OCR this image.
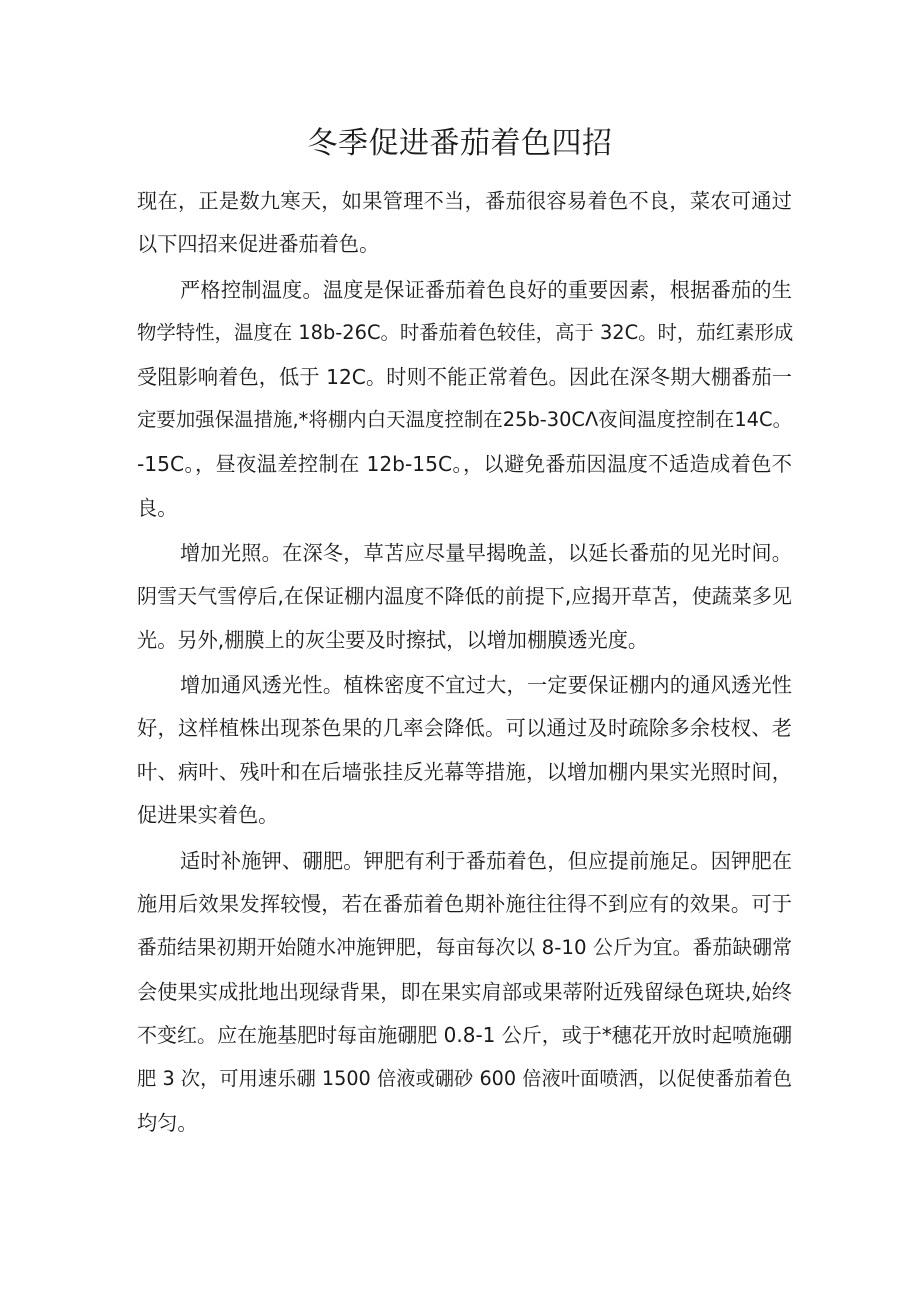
冬季促进番茄着色四招

现在，正是数九寒天，如果管理不当，番茄很容易着色不良，菜农可通过

以下四招来促进番茄着色。

严格控制温度。温度是保证番茄着色良好的重要因素，根据番茄的生

物学特性，温度在 18b-26C。时番茄着色较佳，高于 32C。时，茄红素形成

受阻影响着色，低于 12C。时则不能正常着色。因此在深冬期大棚番茄一

定要加强保温措施,*将棚内白天温度控制在25b-30CΛ夜间温度控制在14C。

-15C。，昼夜温差控制在 12b-15C。，以避免番茄因温度不适造成着色不

良。

增加光照。在深冬，草苫应尽量早揭晚盖，以延长番茄的见光时间。

阴雪天气雪停后,在保证棚内温度不降低的前提下,应揭开草苫，使蔬菜多见

光。另外,棚膜上的灰尘要及时擦拭，以增加棚膜透光度。

增加通风透光性。植株密度不宜过大，一定要保证棚内的通风透光性

好，这样植株出现茶色果的几率会降低。可以通过及时疏除多余枝杈、老

叶、病叶、残叶和在后墙张挂反光幕等措施，以增加棚内果实光照时间，

促进果实着色。

适时补施钾、硼肥。钾肥有利于番茄着色，但应提前施足。因钾肥在

施用后效果发挥较慢，若在番茄着色期补施往往得不到应有的效果。可于

番茄结果初期开始随水冲施钾肥，每亩每次以 8-10 公斤为宜。番茄缺硼常

会使果实成批地出现绿背果，即在果实肩部或果蒂附近残留绿色斑块,始终

不变红。应在施基肥时每亩施硼肥 0.8-1 公斤，或于*穗花开放时起喷施硼

肥 3 次，可用速乐硼 1500 倍液或硼砂 600 倍液叶面喷洒，以促使番茄着色

均匀。
